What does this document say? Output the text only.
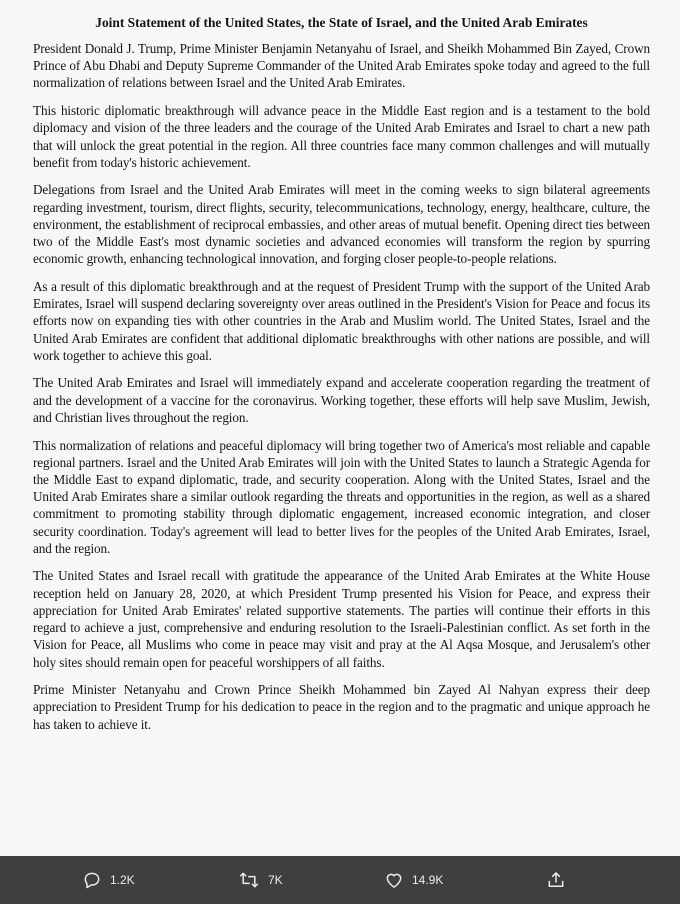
Joint Statement of the United States, the State of Israel, and the United Arab Emirates
President Donald J. Trump, Prime Minister Benjamin Netanyahu of Israel, and Sheikh Mohammed Bin Zayed, Crown Prince of Abu Dhabi and Deputy Supreme Commander of the United Arab Emirates spoke today and agreed to the full normalization of relations between Israel and the United Arab Emirates.
This historic diplomatic breakthrough will advance peace in the Middle East region and is a testament to the bold diplomacy and vision of the three leaders and the courage of the United Arab Emirates and Israel to chart a new path that will unlock the great potential in the region. All three countries face many common challenges and will mutually benefit from today's historic achievement.
Delegations from Israel and the United Arab Emirates will meet in the coming weeks to sign bilateral agreements regarding investment, tourism, direct flights, security, telecommunications, technology, energy, healthcare, culture, the environment, the establishment of reciprocal embassies, and other areas of mutual benefit. Opening direct ties between two of the Middle East's most dynamic societies and advanced economies will transform the region by spurring economic growth, enhancing technological innovation, and forging closer people-to-people relations.
As a result of this diplomatic breakthrough and at the request of President Trump with the support of the United Arab Emirates, Israel will suspend declaring sovereignty over areas outlined in the President's Vision for Peace and focus its efforts now on expanding ties with other countries in the Arab and Muslim world. The United States, Israel and the United Arab Emirates are confident that additional diplomatic breakthroughs with other nations are possible, and will work together to achieve this goal.
The United Arab Emirates and Israel will immediately expand and accelerate cooperation regarding the treatment of and the development of a vaccine for the coronavirus. Working together, these efforts will help save Muslim, Jewish, and Christian lives throughout the region.
This normalization of relations and peaceful diplomacy will bring together two of America's most reliable and capable regional partners. Israel and the United Arab Emirates will join with the United States to launch a Strategic Agenda for the Middle East to expand diplomatic, trade, and security cooperation. Along with the United States, Israel and the United Arab Emirates share a similar outlook regarding the threats and opportunities in the region, as well as a shared commitment to promoting stability through diplomatic engagement, increased economic integration, and closer security coordination. Today's agreement will lead to better lives for the peoples of the United Arab Emirates, Israel, and the region.
The United States and Israel recall with gratitude the appearance of the United Arab Emirates at the White House reception held on January 28, 2020, at which President Trump presented his Vision for Peace, and express their appreciation for United Arab Emirates' related supportive statements. The parties will continue their efforts in this regard to achieve a just, comprehensive and enduring resolution to the Israeli-Palestinian conflict. As set forth in the Vision for Peace, all Muslims who come in peace may visit and pray at the Al Aqsa Mosque, and Jerusalem's other holy sites should remain open for peaceful worshippers of all faiths.
Prime Minister Netanyahu and Crown Prince Sheikh Mohammed bin Zayed Al Nahyan express their deep appreciation to President Trump for his dedication to peace in the region and to the pragmatic and unique approach he has taken to achieve it.
1.2K	7K	14.9K
